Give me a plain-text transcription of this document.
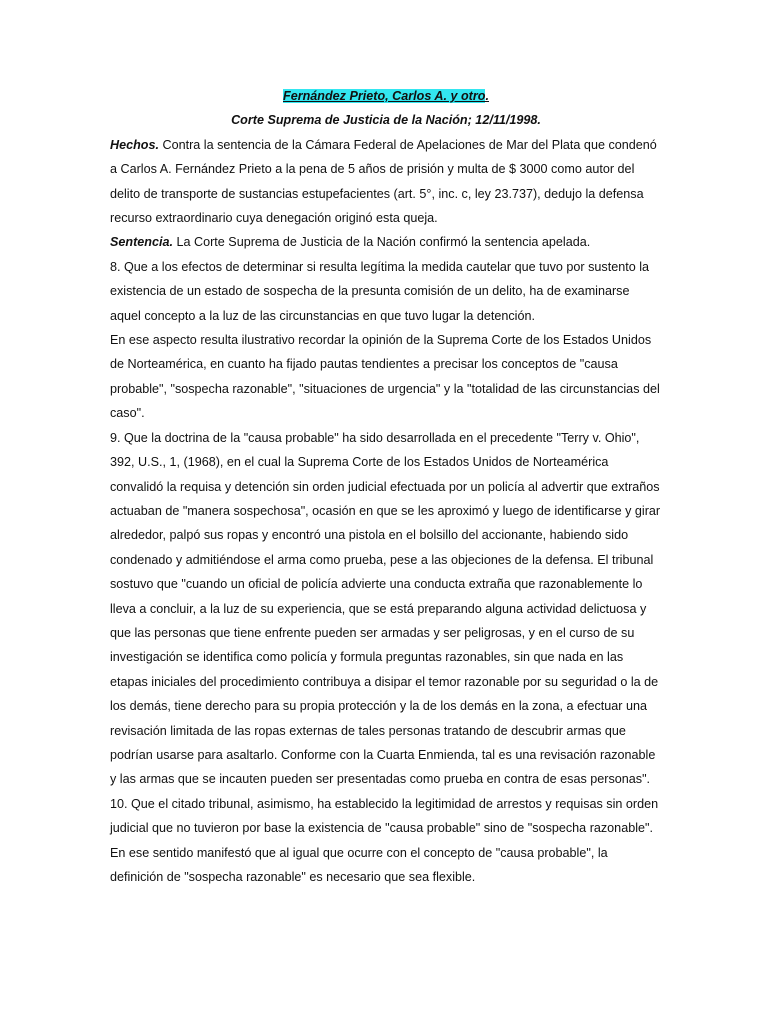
Fernández Prieto, Carlos A. y otro.
Corte Suprema de Justicia de la Nación; 12/11/1998.

Hechos. Contra la sentencia de la Cámara Federal de Apelaciones de Mar del Plata que condenó a Carlos A. Fernández Prieto a la pena de 5 años de prisión y multa de $ 3000 como autor del delito de transporte de sustancias estupefacientes (art. 5°, inc. c, ley 23.737), dedujo la defensa recurso extraordinario cuya denegación originó esta queja.

Sentencia. La Corte Suprema de Justicia de la Nación confirmó la sentencia apelada.

8. Que a los efectos de determinar si resulta legítima la medida cautelar que tuvo por sustento la existencia de un estado de sospecha de la presunta comisión de un delito, ha de examinarse aquel concepto a la luz de las circunstancias en que tuvo lugar la detención.

En ese aspecto resulta ilustrativo recordar la opinión de la Suprema Corte de los Estados Unidos de Norteamérica, en cuanto ha fijado pautas tendientes a precisar los conceptos de "causa probable", "sospecha razonable", "situaciones de urgencia" y la "totalidad de las circunstancias del caso".

9. Que la doctrina de la "causa probable" ha sido desarrollada en el precedente "Terry v. Ohio", 392, U.S., 1, (1968), en el cual la Suprema Corte de los Estados Unidos de Norteamérica convalidó la requisa y detención sin orden judicial efectuada por un policía al advertir que extraños actuaban de "manera sospechosa", ocasión en que se les aproximó y luego de identificarse y girar alrededor, palpó sus ropas y encontró una pistola en el bolsillo del accionante, habiendo sido condenado y admitiéndose el arma como prueba, pese a las objeciones de la defensa. El tribunal sostuvo que "cuando un oficial de policía advierte una conducta extraña que razonablemente lo lleva a concluir, a la luz de su experiencia, que se está preparando alguna actividad delictuosa y que las personas que tiene enfrente pueden ser armadas y ser peligrosas, y en el curso de su investigación se identifica como policía y formula preguntas razonables, sin que nada en las etapas iniciales del procedimiento contribuya a disipar el temor razonable por su seguridad o la de los demás, tiene derecho para su propia protección y la de los demás en la zona, a efectuar una revisación limitada de las ropas externas de tales personas tratando de descubrir armas que podrían usarse para asaltarlo. Conforme con la Cuarta Enmienda, tal es una revisación razonable y las armas que se incauten pueden ser presentadas como prueba en contra de esas personas".

10. Que el citado tribunal, asimismo, ha establecido la legitimidad de arrestos y requisas sin orden judicial que no tuvieron por base la existencia de "causa probable" sino de "sospecha razonable". En ese sentido manifestó que al igual que ocurre con el concepto de "causa probable", la definición de "sospecha razonable" es necesario que sea flexible.
